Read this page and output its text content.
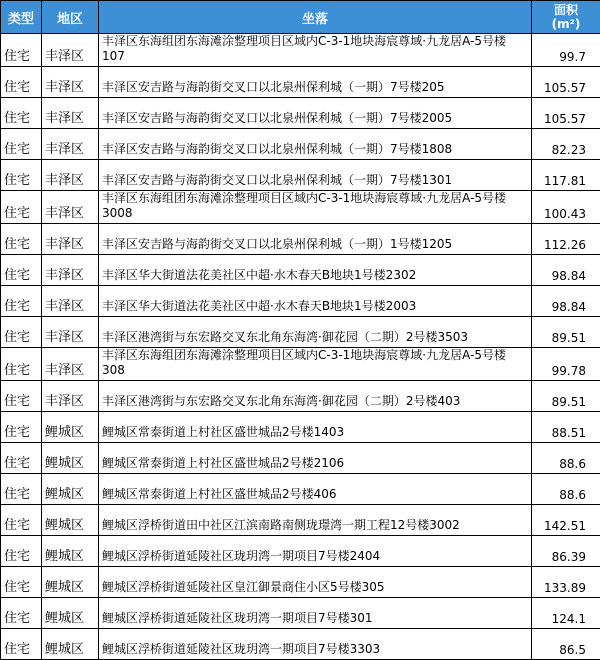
类型	地区	坐落	面积
(m²)

住宅	丰泽区	丰泽区东海组团东海滩涂整理项目区域内C-3-1地块海宸尊域·九龙居A-5号楼107	99.7
住宅	丰泽区	丰泽区安吉路与海韵街交叉口以北泉州保利城（一期）7号楼205	105.57
住宅	丰泽区	丰泽区安吉路与海韵街交叉口以北泉州保利城（一期）7号楼2005	105.57
住宅	丰泽区	丰泽区安吉路与海韵街交叉口以北泉州保利城（一期）7号楼1808	82.23
住宅	丰泽区	丰泽区安吉路与海韵街交叉口以北泉州保利城（一期）7号楼1301	117.81
住宅	丰泽区	丰泽区东海组团东海滩涂整理项目区域内C-3-1地块海宸尊域·九龙居A-5号楼3008	100.43
住宅	丰泽区	丰泽区安吉路与海韵街交叉口以北泉州保利城（一期）1号楼1205	112.26
住宅	丰泽区	丰泽区华大街道法花美社区中超·水木春天B地块1号楼2302	98.84
住宅	丰泽区	丰泽区华大街道法花美社区中超·水木春天B地块1号楼2003	98.84
住宅	丰泽区	丰泽区港湾街与东宏路交叉东北角东海湾·御花园（二期）2号楼3503	89.51
住宅	丰泽区	丰泽区东海组团东海滩涂整理项目区域内C-3-1地块海宸尊域·九龙居A-5号楼308	99.78
住宅	丰泽区	丰泽区港湾街与东宏路交叉东北角东海湾·御花园（二期）2号楼403	89.51
住宅	鲤城区	鲤城区常泰街道上村社区盛世城品2号楼1403	88.51
住宅	鲤城区	鲤城区常泰街道上村社区盛世城品2号楼2106	88.6
住宅	鲤城区	鲤城区常泰街道上村社区盛世城品2号楼406	88.6
住宅	鲤城区	鲤城区浮桥街道田中社区江滨南路南侧珑璟湾一期工程12号楼3002	142.51
住宅	鲤城区	鲤城区浮桥街道延陵社区珑玥湾一期项目7号楼2404	86.39
住宅	鲤城区	鲤城区浮桥街道延陵社区皇江御景商住小区5号楼305	133.89
住宅	鲤城区	鲤城区浮桥街道延陵社区珑玥湾一期项目7号楼301	124.1
住宅	鲤城区	鲤城区浮桥街道延陵社区珑玥湾一期项目7号楼3303	86.5
